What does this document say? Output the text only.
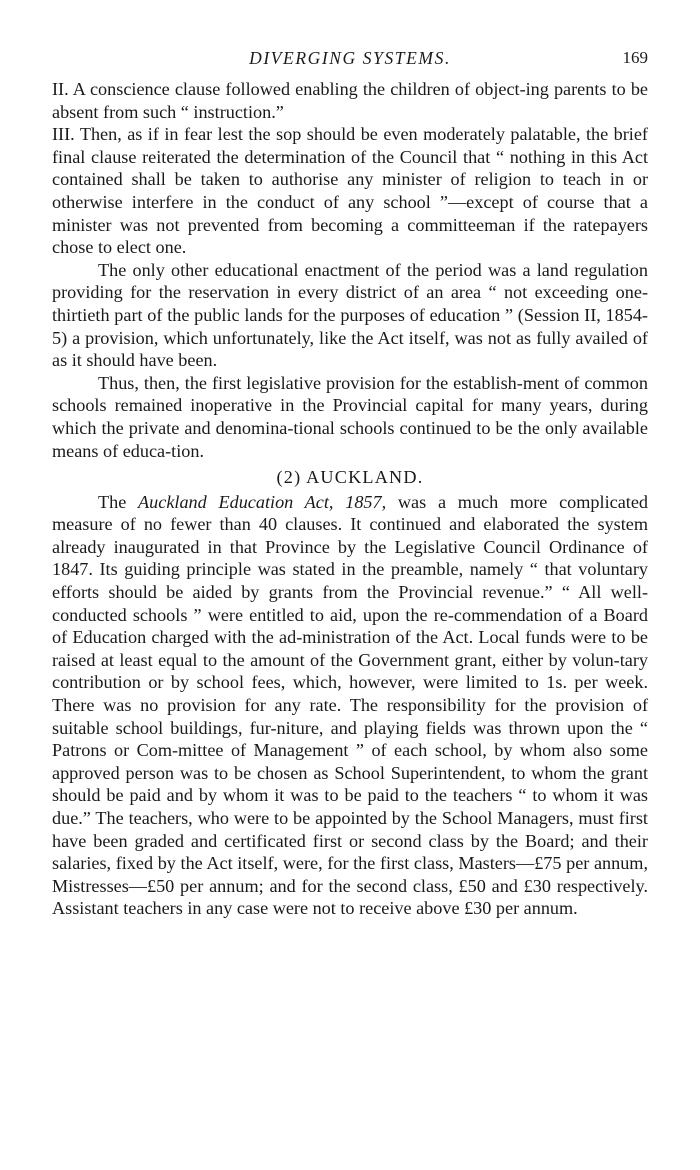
DIVERGING SYSTEMS.	169

II. A conscience clause followed enabling the children of object-ing parents to be absent from such “ instruction.”

III. Then, as if in fear lest the sop should be even moderately palatable, the brief final clause reiterated the determination of the Council that “ nothing in this Act contained shall be taken to authorise any minister of religion to teach in or otherwise interfere in the conduct of any school ”—except of course that a minister was not prevented from becoming a committeeman if the ratepayers chose to elect one.

The only other educational enactment of the period was a land regulation providing for the reservation in every district of an area “ not exceeding one-thirtieth part of the public lands for the purposes of education ” (Session II, 1854-5) a provision, which unfortunately, like the Act itself, was not as fully availed of as it should have been.

Thus, then, the first legislative provision for the establish-ment of common schools remained inoperative in the Provincial capital for many years, during which the private and denomina-tional schools continued to be the only available means of educa-tion.

(2) AUCKLAND.

The Auckland Education Act, 1857, was a much more complicated measure of no fewer than 40 clauses. It continued and elaborated the system already inaugurated in that Province by the Legislative Council Ordinance of 1847. Its guiding principle was stated in the preamble, namely “ that voluntary efforts should be aided by grants from the Provincial revenue.” “ All well-conducted schools ” were entitled to aid, upon the re-commendation of a Board of Education charged with the ad-ministration of the Act. Local funds were to be raised at least equal to the amount of the Government grant, either by volun-tary contribution or by school fees, which, however, were limited to 1s. per week. There was no provision for any rate. The responsibility for the provision of suitable school buildings, fur-niture, and playing fields was thrown upon the “ Patrons or Com-mittee of Management ” of each school, by whom also some approved person was to be chosen as School Superintendent, to whom the grant should be paid and by whom it was to be paid to the teachers “ to whom it was due.” The teachers, who were to be appointed by the School Managers, must first have been graded and certificated first or second class by the Board; and their salaries, fixed by the Act itself, were, for the first class, Masters—£75 per annum, Mistresses—£50 per annum; and for the second class, £50 and £30 respectively. Assistant teachers in any case were not to receive above £30 per annum.
